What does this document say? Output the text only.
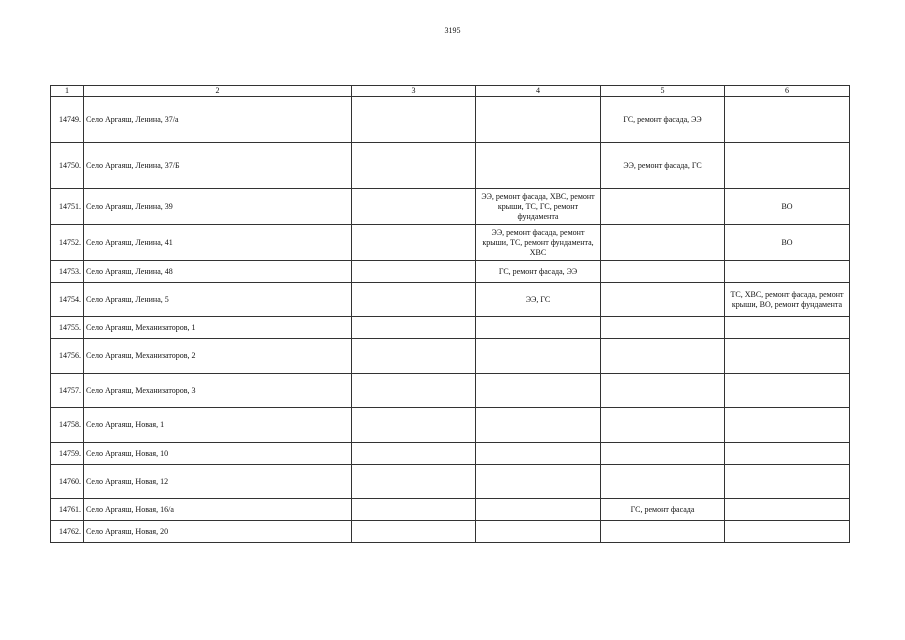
3195
1	2	3	4	5	6
14749.	Село Аргаяш, Ленина, 37/а			ГС, ремонт фасада, ЭЭ	
14750.	Село Аргаяш, Ленина, 37/Б			ЭЭ, ремонт фасада, ГС	
14751.	Село Аргаяш, Ленина, 39		ЭЭ, ремонт фасада, ХВС, ремонт крыши, ТС, ГС, ремонт фундамента		ВО
14752.	Село Аргаяш, Ленина, 41		ЭЭ, ремонт фасада, ремонт крыши, ТС, ремонт фундамента, ХВС		ВО
14753.	Село Аргаяш, Ленина, 48		ГС, ремонт фасада, ЭЭ		
14754.	Село Аргаяш, Ленина, 5		ЭЭ, ГС		ТС, ХВС, ремонт фасада, ремонт крыши, ВО, ремонт фундамента
14755.	Село Аргаяш, Механизаторов, 1				
14756.	Село Аргаяш, Механизаторов, 2				
14757.	Село Аргаяш, Механизаторов, 3				
14758.	Село Аргаяш, Новая, 1				
14759.	Село Аргаяш, Новая, 10				
14760.	Село Аргаяш, Новая, 12				
14761.	Село Аргаяш, Новая, 16/а			ГС, ремонт фасада	
14762.	Село Аргаяш, Новая, 20				
